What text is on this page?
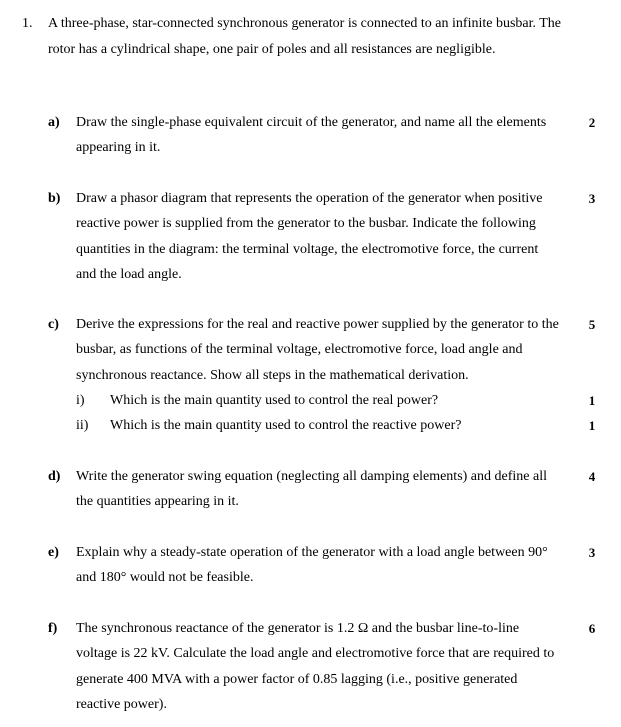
1. A three-phase, star-connected synchronous generator is connected to an infinite busbar. The rotor has a cylindrical shape, one pair of poles and all resistances are negligible.
a) Draw the single-phase equivalent circuit of the generator, and name all the elements appearing in it.
2
b) Draw a phasor diagram that represents the operation of the generator when positive reactive power is supplied from the generator to the busbar. Indicate the following quantities in the diagram: the terminal voltage, the electromotive force, the current and the load angle.
3
c) Derive the expressions for the real and reactive power supplied by the generator to the busbar, as functions of the terminal voltage, electromotive force, load angle and synchronous reactance. Show all steps in the mathematical derivation.
5
i) Which is the main quantity used to control the real power?	1
ii) Which is the main quantity used to control the reactive power?	1
d) Write the generator swing equation (neglecting all damping elements) and define all the quantities appearing in it.
4
e) Explain why a steady-state operation of the generator with a load angle between 90° and 180° would not be feasible.
3
f) The synchronous reactance of the generator is 1.2 Ω and the busbar line-to-line voltage is 22 kV. Calculate the load angle and electromotive force that are required to generate 400 MVA with a power factor of 0.85 lagging (i.e., positive generated reactive power).
6
